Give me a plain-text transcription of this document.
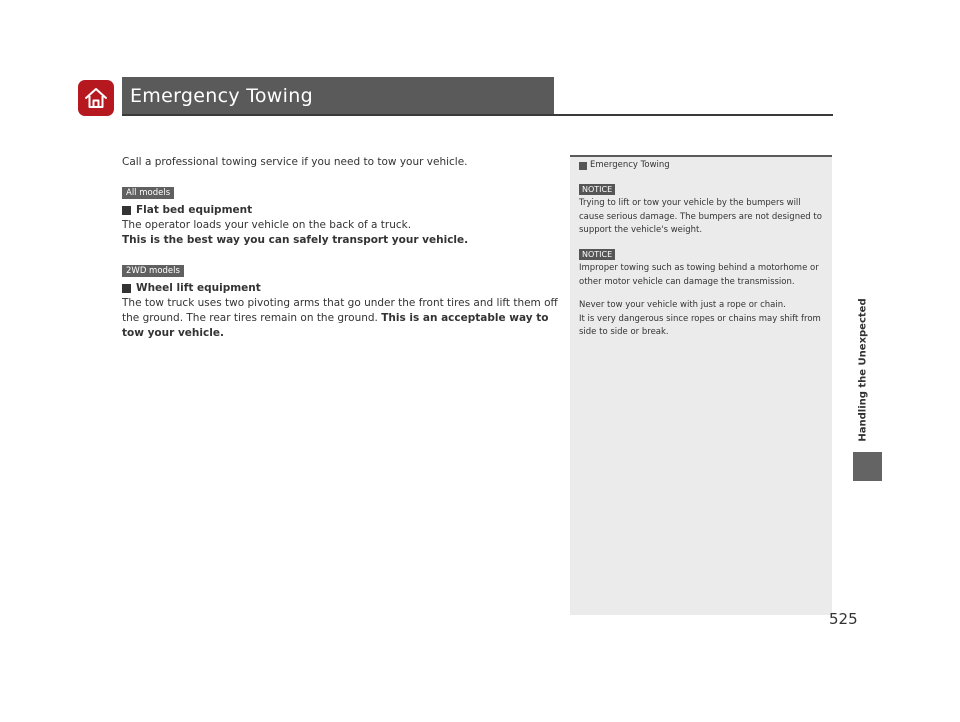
Emergency Towing

Call a professional towing service if you need to tow your vehicle.

All models
Flat bed equipment

The operator loads your vehicle on the back of a truck.

This is the best way you can safely transport your vehicle.

2WD models
Wheel lift equipment

The tow truck uses two pivoting arms that go under the front tires and lift them off the ground. The rear tires remain on the ground. This is an acceptable way to tow your vehicle.

Emergency Towing
NOTICE

Trying to lift or tow your vehicle by the bumpers will cause serious damage. The bumpers are not designed to support the vehicle's weight.

NOTICE

Improper towing such as towing behind a motorhome or other motor vehicle can damage the transmission.

Never tow your vehicle with just a rope or chain.

It is very dangerous since ropes or chains may shift from side to side or break.	Handling the Unexpected
525
